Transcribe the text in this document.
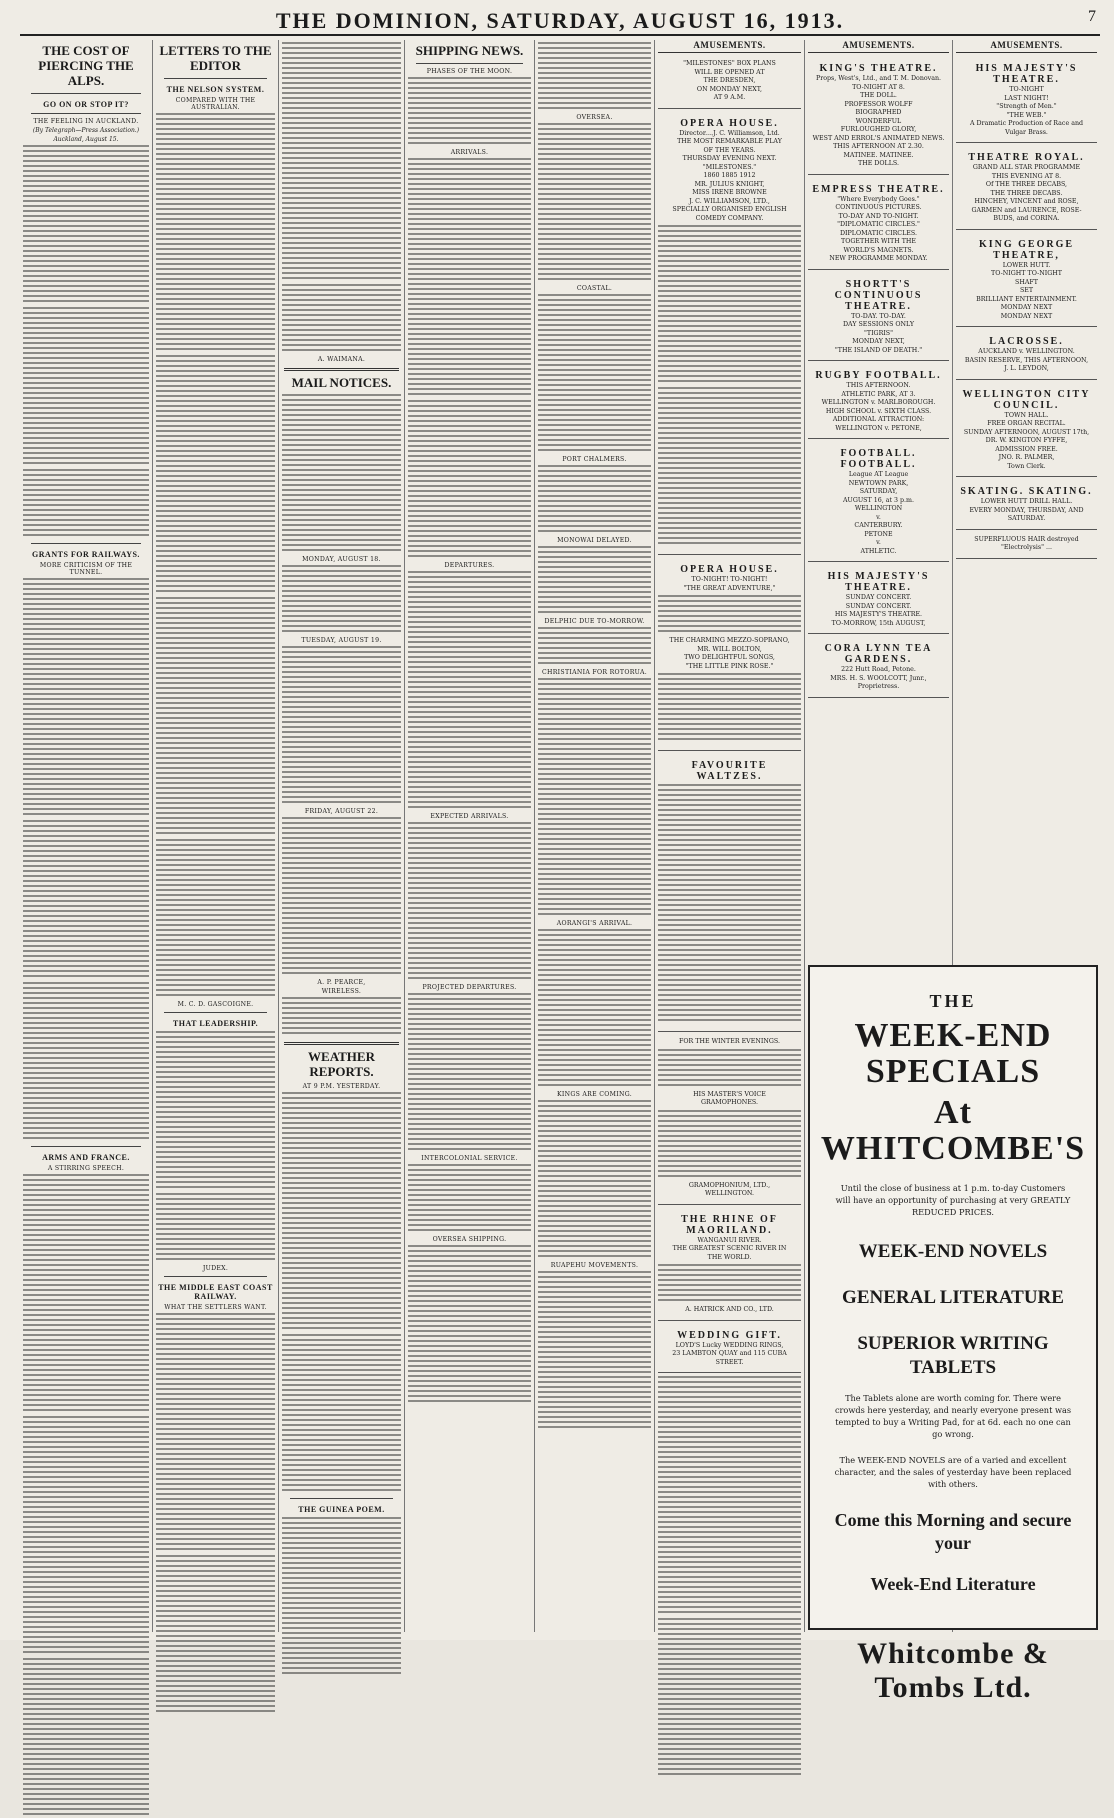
THE DOMINION, SATURDAY, AUGUST 16, 1913.	7
THE COST OF PIERCING THE ALPS.
GO ON OR STOP IT?
THE FEELING IN AUCKLAND.
(By Telegraph—Press Association.)
Auckland, August 15.
GRANTS FOR RAILWAYS.
MORE CRITICISM OF THE TUNNEL.
ARMS AND FRANCE.
A STIRRING SPEECH.
LETTERS TO THE EDITOR
THE NELSON SYSTEM.
COMPARED WITH THE AUSTRALIAN.
M. C. D. GASCOIGNE.
THAT LEADERSHIP.
JUDEX.
THE MIDDLE EAST COAST RAILWAY.
WHAT THE SETTLERS WANT.
A. WAIMANA.
MAIL NOTICES.
MONDAY, AUGUST 18.
TUESDAY, AUGUST 19.
FRIDAY, AUGUST 22.
A. P. PEARCE,
WIRELESS.
WEATHER REPORTS.
AT 9 P.M. YESTERDAY.
THE GUINEA POEM.
SHIPPING NEWS.
PHASES OF THE MOON.
ARRIVALS.
DEPARTURES.
EXPECTED ARRIVALS.
PROJECTED DEPARTURES.
INTERCOLONIAL SERVICE.
OVERSEA SHIPPING.
OVERSEA.
COASTAL.
PORT CHALMERS.
MONOWAI DELAYED.
DELPHIC DUE TO-MORROW.
CHRISTIANIA FOR ROTORUA.
AORANGI'S ARRIVAL.
KINGS ARE COMING.
RUAPEHU MOVEMENTS.
AMUSEMENTS.
"MILESTONES" BOX PLANS
WILL BE OPENED AT
THE DRESDEN,
ON MONDAY NEXT,
AT 9 A.M.
OPERA HOUSE.
Director....J. C. Williamson, Ltd.
THE MOST REMARKABLE PLAY
OF THE YEARS.
THURSDAY EVENING NEXT.
"MILESTONES."
1860 1885 1912
MR. JULIUS KNIGHT,
MISS IRENE BROWNE
J. C. WILLIAMSON, LTD.,
SPECIALLY ORGANISED ENGLISH
COMEDY COMPANY.
OPERA HOUSE.
TO-NIGHT! TO-NIGHT!
"THE GREAT ADVENTURE,"
THE CHARMING MEZZO-SOPRANO,
MR. WILL BOLTON,
TWO DELIGHTFUL SONGS,
"THE LITTLE PINK ROSE."
FAVOURITE WALTZES.
FOR THE WINTER EVENINGS.
HIS MASTER'S VOICE
GRAMOPHONES.
GRAMOPHONIUM, LTD.,
WELLINGTON.
THE RHINE OF MAORILAND.
WANGANUI RIVER.
THE GREATEST SCENIC RIVER IN
THE WORLD.
A. HATRICK AND CO., LTD.
WEDDING GIFT.
LOYD'S Lucky WEDDING RINGS,
23 LAMBTON QUAY and 115 CUBA
STREET.
AMUSEMENTS.
KING'S THEATRE.
Props, West's, Ltd., and T. M. Donovan.
TO-NIGHT AT 8.
THE DOLL.
PROFESSOR WOLFF
BIOGRAPHED
WONDERFUL
FURLOUGHED GLORY,
WEST AND ERROL'S ANIMATED NEWS.
THIS AFTERNOON AT 2.30.
MATINEE. MATINEE.
THE DOLLS.
EMPRESS THEATRE.
"Where Everybody Goes."
CONTINUOUS PICTURES.
TO-DAY AND TO-NIGHT.
"DIPLOMATIC CIRCLES."
DIPLOMATIC CIRCLES.
TOGETHER WITH THE
WORLD'S MAGNETS.
NEW PROGRAMME MONDAY.
SHORTT'S CONTINUOUS THEATRE.
TO-DAY. TO-DAY.
DAY SESSIONS ONLY
"TIGRIS"
MONDAY NEXT,
"THE ISLAND OF DEATH."
RUGBY FOOTBALL.
THIS AFTERNOON.
ATHLETIC PARK, AT 3.
WELLINGTON v. MARLBOROUGH.
HIGH SCHOOL v. SIXTH CLASS.
ADDITIONAL ATTRACTION:
WELLINGTON v. PETONE,
FOOTBALL. FOOTBALL.
League AT League
NEWTOWN PARK,
SATURDAY,
AUGUST 16, at 3 p.m.
WELLINGTON
v.
CANTERBURY.
PETONE
v.
ATHLETIC.
HIS MAJESTY'S THEATRE.
SUNDAY CONCERT.
SUNDAY CONCERT.
HIS MAJESTY'S THEATRE.
TO-MORROW, 15th AUGUST,
CORA LYNN TEA GARDENS.
222 Hutt Road, Petone.
MRS. H. S. WOOLCOTT, Junr.,
Proprietress.
AMUSEMENTS.
HIS MAJESTY'S THEATRE.
TO-NIGHT
LAST NIGHT!
"Strength of Men."
"THE WEB."
A Dramatic Production of Race and
Vulgar Brass.
THEATRE ROYAL.
GRAND ALL STAR PROGRAMME
THIS EVENING AT 8.
Of THE THREE DECABS,
THE THREE DECABS.
HINCHEY, VINCENT and ROSE,
GARMEN and LAURENCE, ROSE-
BUDS, and CORINA.
KING GEORGE THEATRE,
LOWER HUTT.
TO-NIGHT TO-NIGHT
SHAFT
SET
BRILLIANT ENTERTAINMENT.
MONDAY NEXT
MONDAY NEXT
LACROSSE.
AUCKLAND v. WELLINGTON.
BASIN RESERVE, THIS AFTERNOON,
J. L. LEYDON,
WELLINGTON CITY COUNCIL.
TOWN HALL.
FREE ORGAN RECITAL.
SUNDAY AFTERNOON, AUGUST 17th,
DR. W. KINGTON FYFFE,
ADMISSION FREE.
JNO. R. PALMER,
Town Clerk.
SKATING. SKATING.
LOWER HUTT DRILL HALL.
EVERY MONDAY, THURSDAY, AND
SATURDAY.
SUPERFLUOUS HAIR destroyed
"Electrolysis" ...
THE
WEEK-END SPECIALS
At WHITCOMBE'S
Until the close of business at 1 p.m. to-day Customers will have an opportunity of purchasing at very GREATLY REDUCED PRICES.
WEEK-END NOVELS
GENERAL LITERATURE
SUPERIOR WRITING TABLETS
The Tablets alone are worth coming for. There were crowds here yesterday, and nearly everyone present was tempted to buy a Writing Pad, for at 6d. each no one can go wrong.
The WEEK-END NOVELS are of a varied and excellent character, and the sales of yesterday have been replaced with others.
Come this Morning and secure your
Week-End Literature
Whitcombe & Tombs Ltd.
